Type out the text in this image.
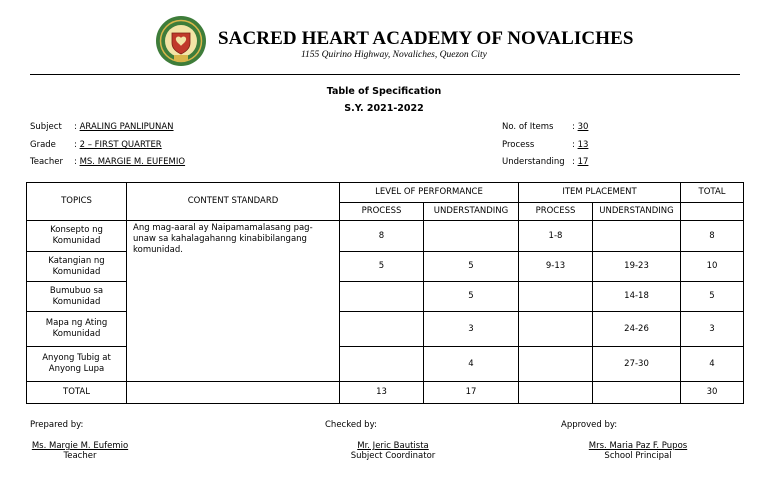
SACRED HEART ACADEMY OF NOVALICHES
1155 Quirino Highway, Novaliches, Quezon City
Table of Specification
S.Y. 2021-2022
Subject : ARALING PANLIPUNAN
Grade : 2 – FIRST QUARTER
Teacher : MS. MARGIE M. EUFEMIO
No. of Items : 30
Process	: 13
Understanding : 17
TOPICS	CONTENT STANDARD	LEVEL OF PERFORMANCE		ITEM PLACEMENT		TOTAL
		PROCESS	UNDERSTANDING	PROCESS	UNDERSTANDING	
Konsepto ng Komunidad	Ang mag-aaral ay Naipamamalasang pag-unaw sa kahalagahanng kinabibilangang komunidad.	8		1-8		8
Katangian ng Komunidad		5	5	9-13	19-23	10
Bumubuo sa Komunidad			5		14-18	5
Mapa ng Ating Komunidad			3		24-26	3
Anyong Tubig at Anyong Lupa			4		27-30	4
TOTAL		13	17			30
Prepared by:	Checked by:	Approved by:
Ms. Margie M. Eufemio
Teacher
Mr. Jeric Bautista
Subject Coordinator
Mrs. Maria Paz F. Pupos
School Principal
